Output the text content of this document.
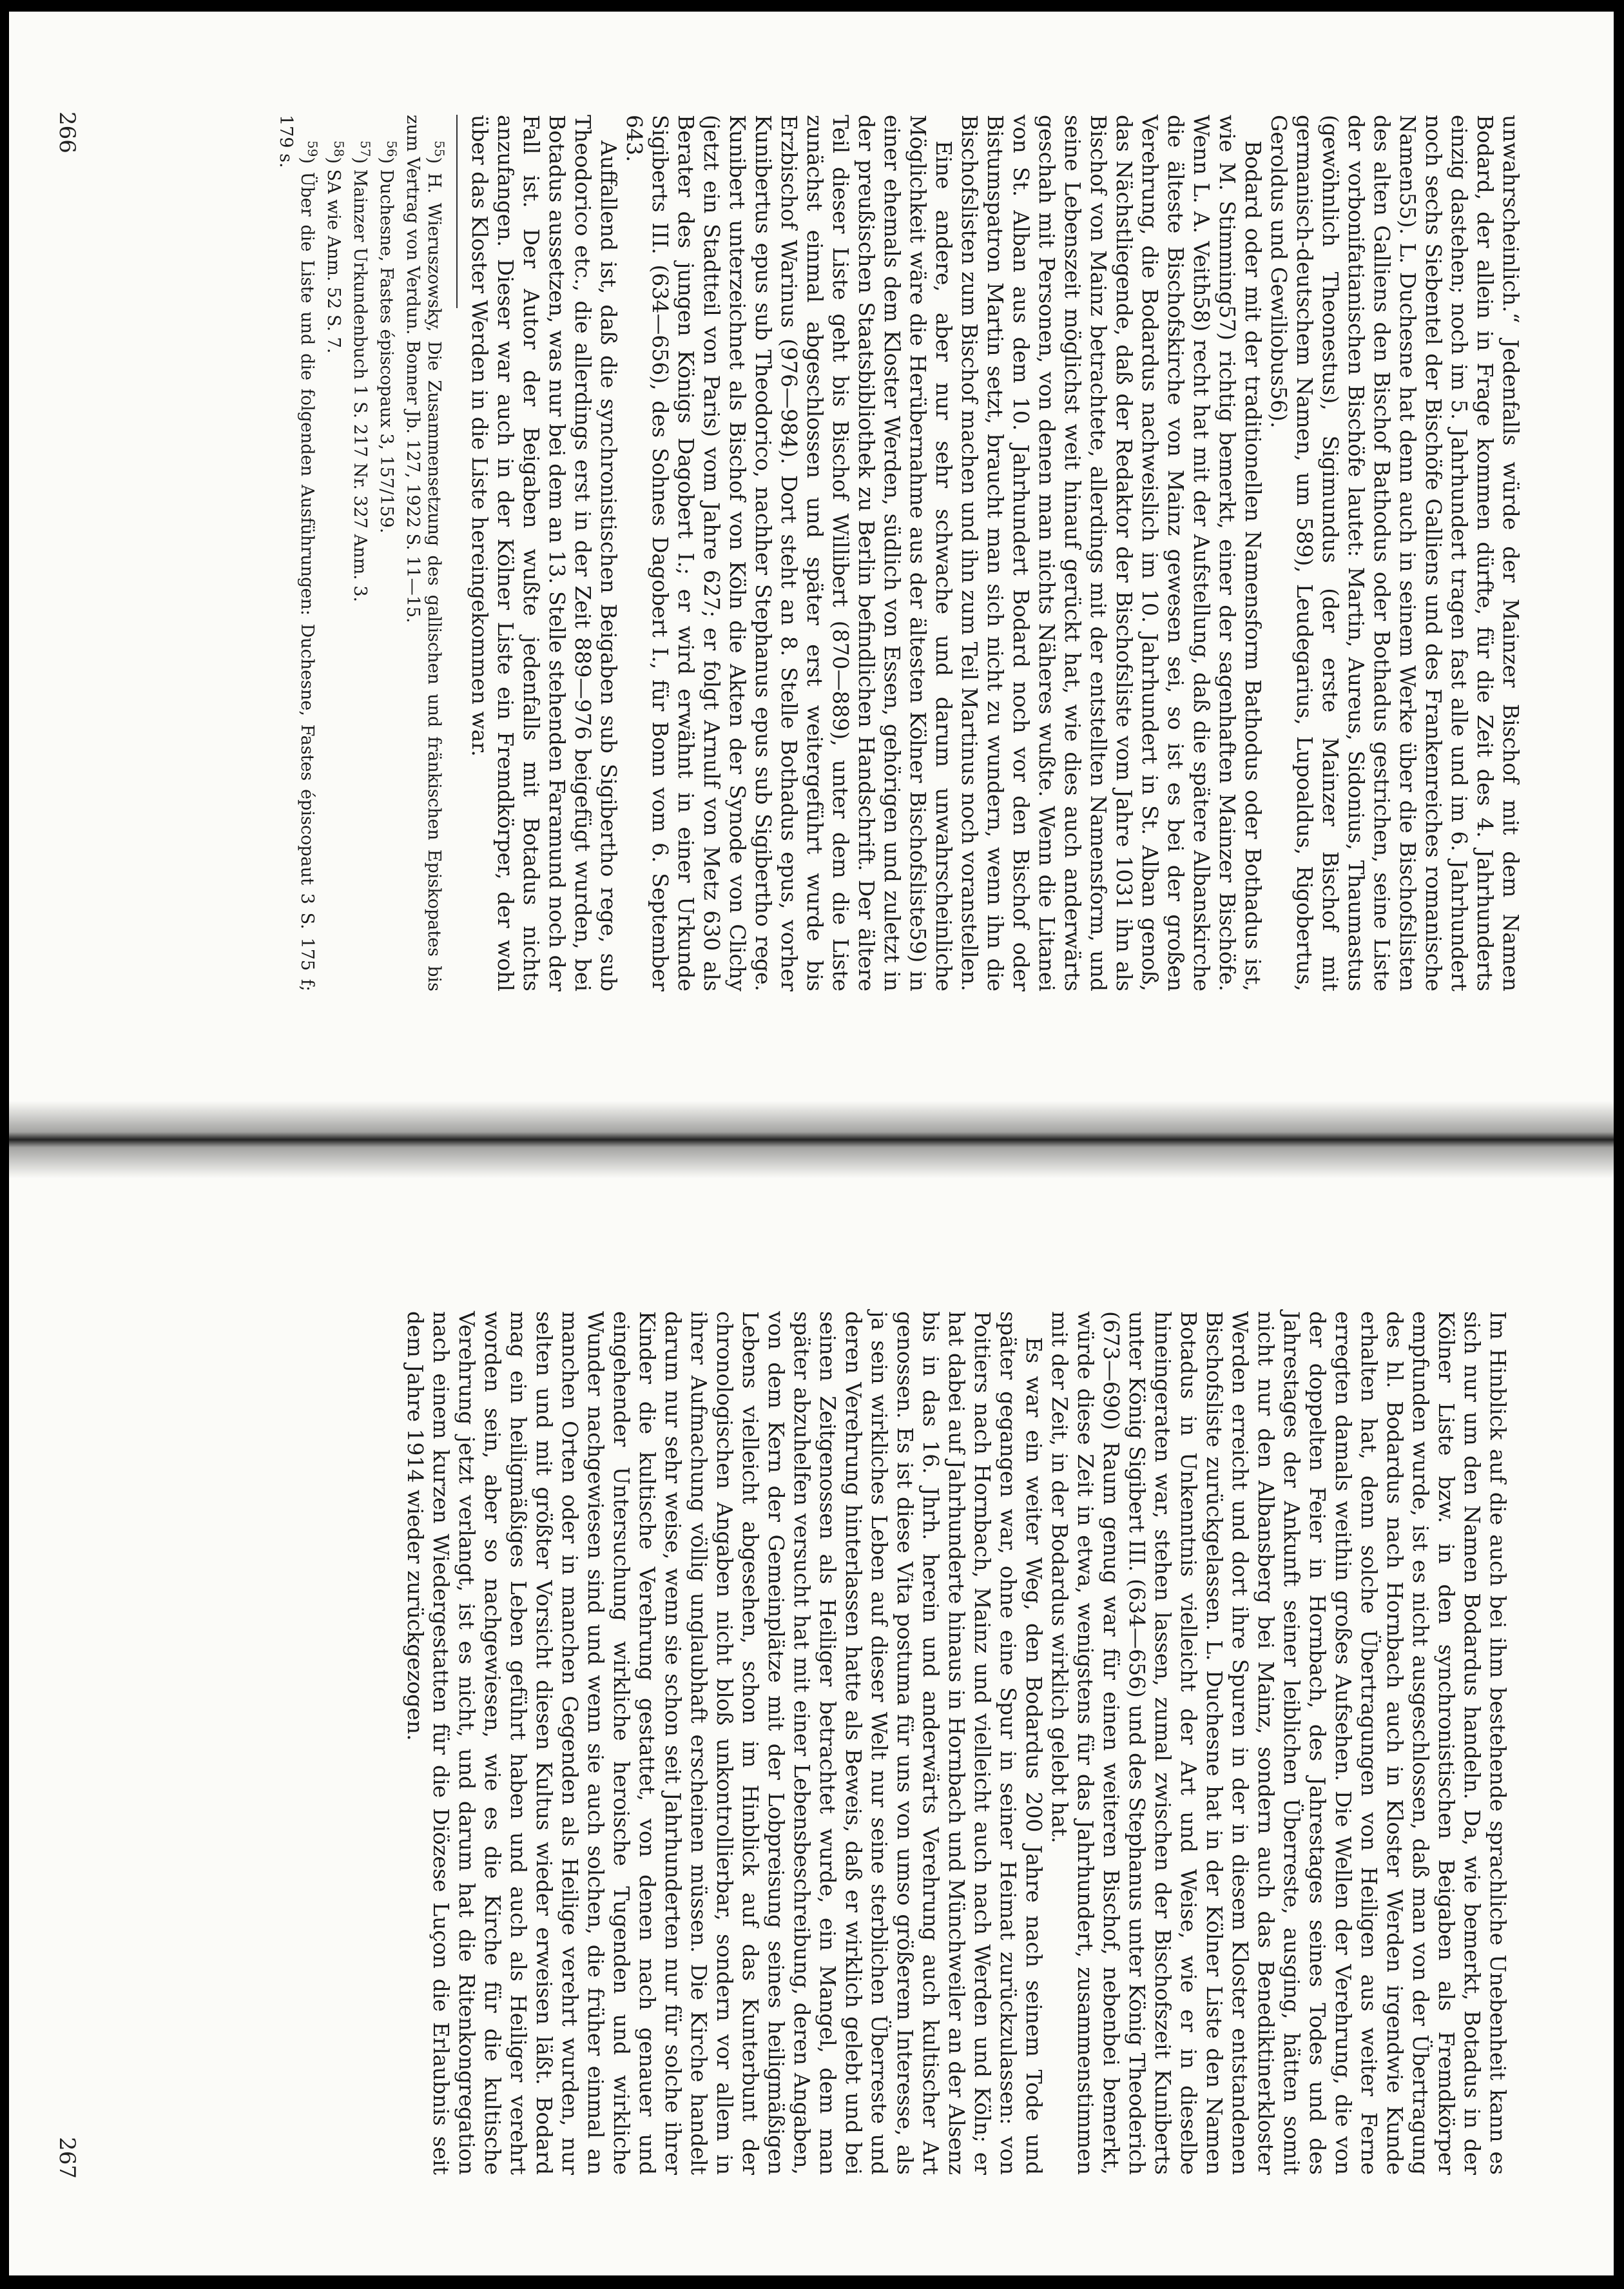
unwahrscheinlich.“ Jedenfalls würde der Mainzer Bischof mit dem Namen Bodard, der allein in Frage kommen dürfte, für die Zeit des 4. Jahrhunderts einzig dastehen; noch im 5. Jahrhundert tragen fast alle und im 6. Jahrhundert noch sechs Siebentel der Bischöfe Galliens und des Frankenreiches romanische Namen55). L. Duchesne hat denn auch in seinem Werke über die Bischofslisten des alten Galliens den Bischof Bathodus oder Bothadus gestrichen, seine Liste der vorbonifatianischen Bischöfe lautet: Martin, Aureus, Sidonius, Thaumastus (gewöhnlich Theonestus), Sigimundus (der erste Mainzer Bischof mit germanisch-deutschem Namen, um 589), Leudegarius, Lupoaldus, Rigobertus, Geroldus und Gewiliobus56).

Bodard oder mit der traditionellen Namensform Bathodus oder Bothadus ist, wie M. Stimming57) richtig bemerkt, einer der sagenhaften Mainzer Bischöfe. Wenn L. A. Veith58) recht hat mit der Aufstellung, daß die spätere Albanskirche die älteste Bischofskirche von Mainz gewesen sei, so ist es bei der großen Verehrung, die Bodardus nachweislich im 10. Jahrhundert in St. Alban genoß, das Nächstliegende, daß der Redaktor der Bischofsliste vom Jahre 1031 ihn als Bischof von Mainz betrachtete, allerdings mit der entstellten Namensform, und seine Lebenszeit möglichst weit hinauf gerückt hat, wie dies auch anderwärts geschah mit Personen, von denen man nichts Näheres wußte. Wenn die Litanei von St. Alban aus dem 10. Jahrhundert Bodard noch vor den Bischof oder Bistumspatron Martin setzt, braucht man sich nicht zu wundern, wenn ihn die Bischofslisten zum Bischof machen und ihn zum Teil Martinus noch voranstellen.

Eine andere, aber nur sehr schwache und darum unwahrscheinliche Möglichkeit wäre die Herübernahme aus der ältesten Kölner Bischofsliste59) in einer ehemals dem Kloster Werden, südlich von Essen, gehörigen und zuletzt in der preußischen Staatsbibliothek zu Berlin befindlichen Handschrift. Der ältere Teil dieser Liste geht bis Bischof Willibert (870—889), unter dem die Liste zunächst einmal abgeschlossen und später erst weitergeführt wurde bis Erzbischof Warinus (976—984). Dort steht an 8. Stelle Bothadus epus, vorher Kunibertus epus sub Theodorico, nachher Stephanus epus sub Sigibertho rege. Kunibert unterzeichnet als Bischof von Köln die Akten der Synode von Clichy (jetzt ein Stadtteil von Paris) vom Jahre 627; er folgt Arnulf von Metz 630 als Berater des jungen Königs Dagobert I.; er wird erwähnt in einer Urkunde Sigiberts III. (634—656), des Sohnes Dagobert I., für Bonn vom 6. September 643.

Auffallend ist, daß die synchronistischen Beigaben sub Sigibertho rege, sub Theodorico etc., die allerdings erst in der Zeit 889—976 beigefügt wurden, bei Botadus aussetzen, was nur bei dem an 13. Stelle stehenden Faramund noch der Fall ist. Der Autor der Beigaben wußte jedenfalls mit Botadus nichts anzufangen. Dieser war auch in der Kölner Liste ein Fremdkörper, der wohl über das Kloster Werden in die Liste hereingekommen war.

$^{55}$) H. Wieruszowsky, Die Zusammensetzung des gallischen und fränkischen Episkopates bis zum Vertrag von Verdun. Bonner Jb. 127, 1922 S. 11—15.

$^{56}$) Duchesne, Fastes épiscopaux 3, 157/159.

$^{57}$) Mainzer Urkundenbuch 1 S. 217 Nr. 327 Anm. 3.

$^{58}$) SA wie Anm. 52 S. 7.

$^{59}$) Über die Liste und die folgenden Ausführungen: Duchesne, Fastes épiscopaut 3 S. 175 f; 179 s.

266

Im Hinblick auf die auch bei ihm bestehende sprachliche Unebenheit kann es sich nur um den Namen Bodardus handeln. Da, wie bemerkt, Botadus in der Kölner Liste bzw. in den synchronistischen Beigaben als Fremdkörper empfunden wurde, ist es nicht ausgeschlossen, daß man von der Übertragung des hl. Bodardus nach Hornbach auch in Kloster Werden irgendwie Kunde erhalten hat, denn solche Übertragungen von Heiligen aus weiter Ferne erregten damals weithin großes Aufsehen. Die Wellen der Verehrung, die von der doppelten Feier in Hornbach, des Jahrestages seines Todes und des Jahrestages der Ankunft seiner leiblichen Überreste, ausging, hätten somit nicht nur den Albansberg bei Mainz, sondern auch das Benediktinerkloster Werden erreicht und dort ihre Spuren in der in diesem Kloster entstandenen Bischofsliste zurückgelassen. L. Duchesne hat in der Kölner Liste den Namen Botadus in Unkenntnis vielleicht der Art und Weise, wie er in dieselbe hineingeraten war, stehen lassen, zumal zwischen der Bischofszeit Kuniberts unter König Sigibert III. (634—656) und des Stephanus unter König Theoderich (673—690) Raum genug war für einen weiteren Bischof, nebenbei bemerkt, würde diese Zeit in etwa, wenigstens für das Jahrhundert, zusammenstimmen mit der Zeit, in der Bodardus wirklich gelebt hat.

Es war ein weiter Weg, den Bodardus 200 Jahre nach seinem Tode und später gegangen war, ohne eine Spur in seiner Heimat zurückzulassen: von Poitiers nach Hornbach, Mainz und vielleicht auch nach Werden und Köln; er hat dabei auf Jahrhunderte hinaus in Hornbach und Münchweiler an der Alsenz bis in das 16. Jhrh. herein und anderwärts Verehrung auch kultischer Art genossen. Es ist diese Vita postuma für uns von umso größerem Interesse, als ja sein wirkliches Leben auf dieser Welt nur seine sterblichen Überreste und deren Verehrung hinterlassen hatte als Beweis, daß er wirklich gelebt und bei seinen Zeitgenossen als Heiliger betrachtet wurde, ein Mangel, dem man später abzuhelfen versucht hat mit einer Lebensbeschreibung, deren Angaben, von dem Kern der Gemeinplätze mit der Lobpreisung seines heiligmäßigen Lebens vielleicht abgesehen, schon im Hinblick auf das Kunterbunt der chronologischen Angaben nicht bloß unkontrollierbar, sondern vor allem in ihrer Aufmachung völlig unglaubhaft erscheinen müssen. Die Kirche handelt darum nur sehr weise, wenn sie schon seit Jahrhunderten nur für solche ihrer Kinder die kultische Verehrung gestattet, von denen nach genauer und eingehender Untersuchung wirkliche heroische Tugenden und wirkliche Wunder nachgewiesen sind und wenn sie auch solchen, die früher einmal an manchen Orten oder in manchen Gegenden als Heilige verehrt wurden, nur selten und mit größter Vorsicht diesen Kultus wieder erweisen läßt. Bodard mag ein heiligmäßiges Leben geführt haben und auch als Heiliger verehrt worden sein, aber so nachgewiesen, wie es die Kirche für die kultische Verehrung jetzt verlangt, ist es nicht, und darum hat die Ritenkongregation nach einem kurzen Wiedergestatten für die Diözese Luçon die Erlaubnis seit dem Jahre 1914 wieder zurückgezogen.

267
